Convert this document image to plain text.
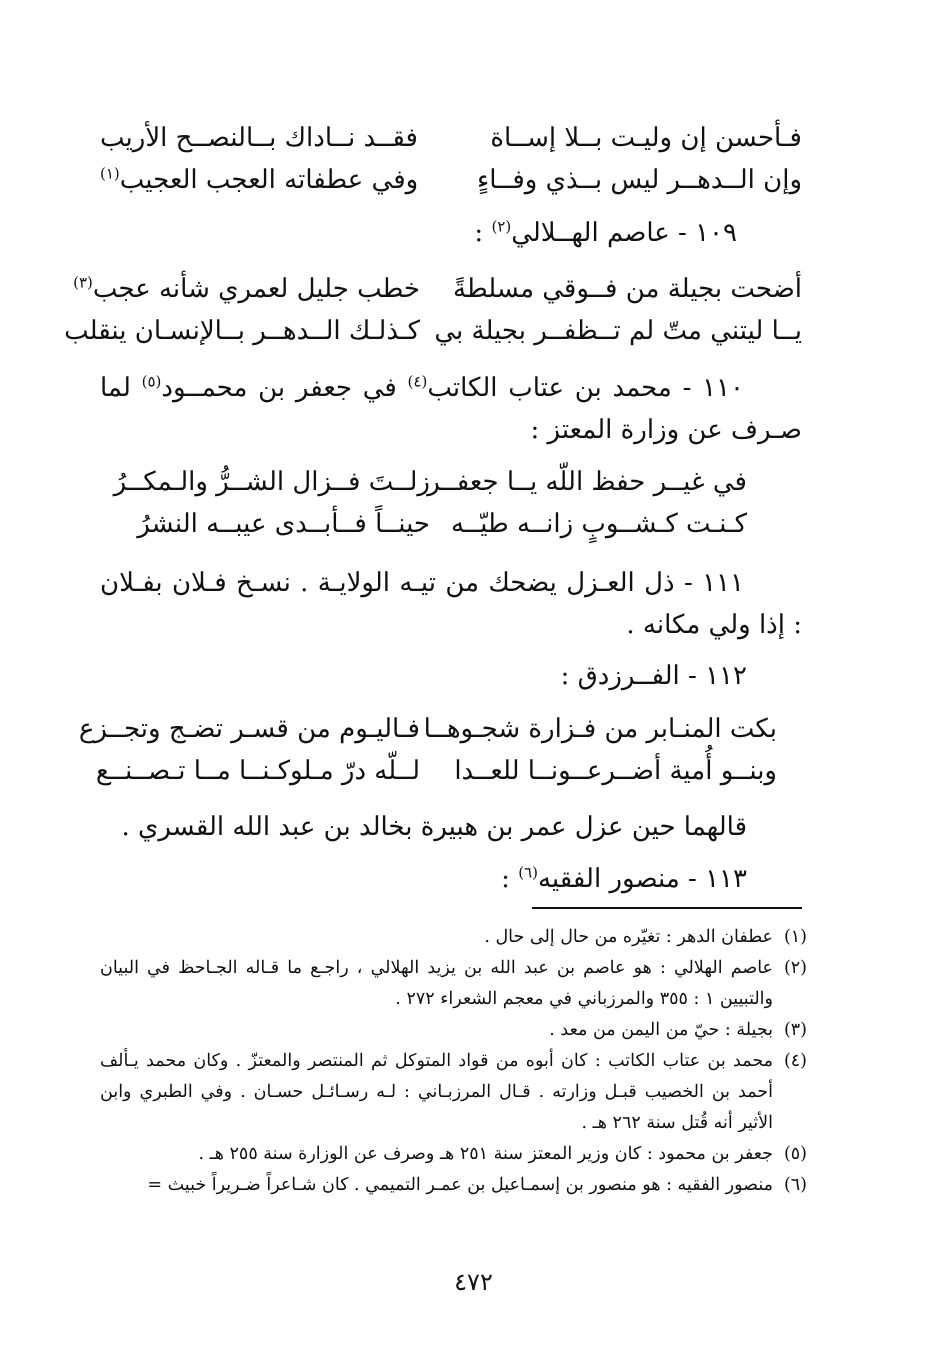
فـأحسن إن وليـت بــلا إســاة
فقــد نــاداك بــالنصــح الأريب
وإن الــدهــر ليس بــذي وفــاءٍ
وفي عطفاته العجب العجيب$^{(١)}$
١٠٩ - عاصم الهــلالي$^{(٢)}$ :
أضحت بجيلة من فــوقي مسلطةً
خطب جليل لعمري شأنه عجب$^{(٣)}$
يــا ليتني متّ لم تــظفــر بجيلة بي
كـذلـك الــدهــر بــالإنسـان ينقلب
١١٠ - محمد بن عتاب الكاتب$^{(٤)}$ في جعفر بن محمــود$^{(٥)}$ لما صـرف عن وزارة المعتز :
في غيــر حفظ اللّه يــا جعفــر
زلــتَ فــزال الشــرُّ والـمكــرُ
كـنـت كـشــوبٍ زانــه طيّــه
حينــاً فــأبــدى عيبــه النشرُ
١١١ - ذل العـزل يضحك من تيـه الولايـة . نسـخ فـلان بفـلان : إذا ولي مكانه .
١١٢ - الفــرزدق :
بكت المنـابر من فـزارة شجـوهــا
فـاليـوم من قسـر تضـج وتجــزع
وبنــو أُمية أضــرعــونــا للعــدا
لــلّه درّ مـلوكـنــا مــا تـصــنــع
قالهما حين عزل عمر بن هبيرة بخالد بن عبد الله القسري .
١١٣ - منصور الفقيه$^{(٦)}$ :
(١)
عطفان الدهر : تغيّره من حال إلى حال .
(٢)
عاصم الهلالي : هو عاصم بن عبد الله بن يزيد الهلالي ، راجـع ما قـاله الجـاحظ في البيان والتبيين ١ : ٣٥٥ والمرزباني في معجم الشعراء ٢٧٢ .
(٣)
بجيلة : حيّ من اليمن من معد .
(٤)
محمد بن عتاب الكاتب : كان أبوه من قواد المتوكل ثم المنتصر والمعتزّ . وكان محمد يـألف أحمد بن الخصيب قبـل وزارته . قـال المرزبـاني : لـه رسـائـل حسـان . وفي الطبري وابن الأثير أنه قُتل سنة ٢٦٢ هـ .
(٥)
جعفر بن محمود : كان وزير المعتز سنة ٢٥١ هـ وصرف عن الوزارة سنة ٢٥٥ هـ .
(٦)
منصور الفقيه : هو منصور بن إسمـاعيل بن عمـر التميمي . كان شـاعراً ضـريراً خبيث =
٤٧٢
